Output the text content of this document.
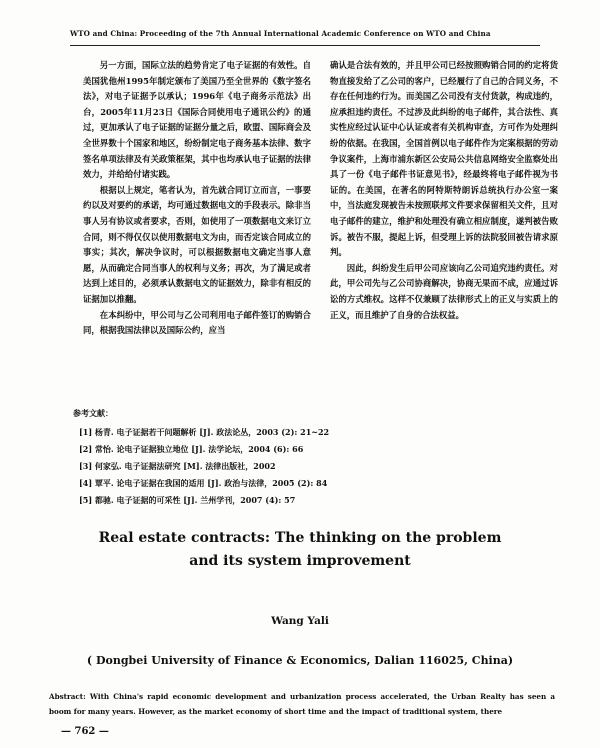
WTO and China: Proceeding of the 7th Annual International Academic Conference on WTO and China

另一方面，国际立法的趋势肯定了电子证据的有效性。自美国犹他州1995年制定颁布了美国乃至全世界的《数字签名法》，对电子证据予以承认；1996年《电子商务示范法》出台，2005年11月23日《国际合同使用电子通讯公约》的通过，更加承认了电子证据的证据分量之后，欧盟、国际商会及全世界数十个国家和地区，纷纷制定电子商务基本法律、数字签名单项法律及有关政策框架，其中也均承认电子证据的法律效力，并给给付诸实践。

根据以上规定，笔者认为，首先就合同订立而言，一事要约以及对要约的承诺，均可通过数据电文的手段表示。除非当事人另有协议或者要求，否则，如使用了一项数据电文来订立合同，则不得仅仅以使用数据电文为由，而否定该合同成立的事实；其次，解决争议时，可以根据数据电文确定当事人意愿，从而确定合同当事人的权利与义务；再次，为了满足或者达到上述目的，必须承认数据电文的证据效力，除非有相反的证据加以推翻。

在本纠纷中，甲公司与乙公司利用电子邮件签订的购销合同，根据我国法律以及国际公约，应当

确认是合法有效的，并且甲公司已经按照购销合同的约定将货物直接发给了乙公司的客户，已经履行了自己的合同义务，不存在任何违约行为。而美国乙公司没有支付货款，构成违约，应承担违约责任。不过涉及此纠纷的电子邮件，其合法性、真实性应经过认证中心认证或者有关机构审查，方可作为处理纠纷的依据。在我国，全国首例以电子邮件作为定案根据的劳动争议案件，上海市浦东新区公安局公共信息网络安全监察处出具了一份《电子邮件书证意见书》，经最终将电子邮件视为书证的。在美国，在著名的阿特斯特朗诉总统执行办公室一案中，当法庭发现被告未按照联邦文件要求保留相关文件，且对电子邮件的建立，维护和处理没有确立相应制度，遂判被告败诉。被告不服，提起上诉，但受理上诉的法院驳回被告请求原判。

因此，纠纷发生后甲公司应该向乙公司追究违约责任。对此，甲公司先与乙公司协商解决，协商无果而不成，应通过诉讼的方式维权。这样不仅兼顾了法律形式上的正义与实质上的正义，而且维护了自身的合法权益。

参考文献：
[1] 杨青. 电子证据若干问题解析 [J]. 政法论丛，2003 (2): 21~22
[2] 常怡. 论电子证据独立地位 [J]. 法学论坛，2004 (6): 66
[3] 何家弘. 电子证据法研究 [M]. 法律出版社，2002
[4] 覃平. 论电子证据在我国的适用 [J]. 政治与法律，2005 (2): 84
[5] 都驰. 电子证据的可采性 [J]. 兰州学刊，2007 (4): 57
Real estate contracts: The thinking on the problem
and its system improvement
Wang Yali
( Dongbei University of Finance & Economics, Dalian 116025, China)

Abstract: With China's rapid economic development and urbanization process accelerated, the Urban Realty has seen a boom for many years. However, as the market economy of short time and the impact of traditional system, there

— 762 —
